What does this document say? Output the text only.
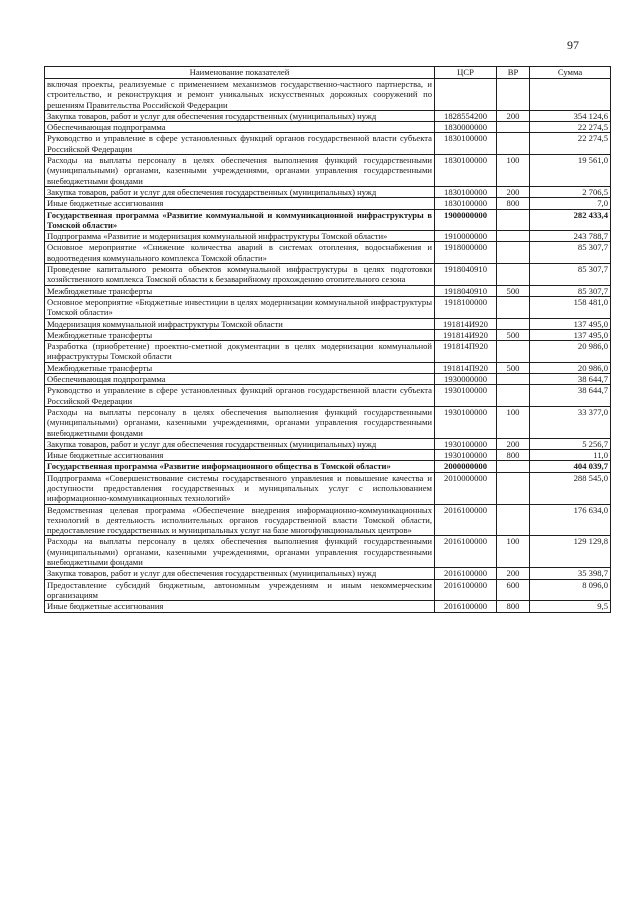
97
Наименование показателей	ЦСР	ВР	Сумма
включая проекты, реализуемые с применением механизмов государственно-частного партнерства, и строительство, и реконструкция и ремонт уникальных искусственных дорожных сооружений по решениям Правительства Российской Федерации			
Закупка товаров, работ и услуг для обеспечения государственных (муниципальных) нужд	1828554200	200	354 124,6
Обеспечивающая подпрограмма	1830000000		22 274,5
Руководство и управление в сфере установленных функций органов государственной власти субъекта Российской Федерации	1830100000		22 274,5
Расходы на выплаты персоналу в целях обеспечения выполнения функций государственными (муниципальными) органами, казенными учреждениями, органами управления государственными внебюджетными фондами	1830100000	100	19 561,0
Закупка товаров, работ и услуг для обеспечения государственных (муниципальных) нужд	1830100000	200	2 706,5
Иные бюджетные ассигнования	1830100000	800	7,0
Государственная программа «Развитие коммунальной и коммуникационной инфраструктуры в Томской области»	1900000000		282 433,4
Подпрограмма «Развитие и модернизация коммунальной инфраструктуры Томской области»	1910000000		243 788,7
Основное мероприятие «Снижение количества аварий в системах отопления, водоснабжения и водоотведения коммунального комплекса Томской области»	1918000000		85 307,7
Проведение капитального ремонта объектов коммунальной инфраструктуры в целях подготовки хозяйственного комплекса Томской области к безаварийному прохождению отопительного сезона	1918040910		85 307,7
Межбюджетные трансферты	1918040910	500	85 307,7
Основное мероприятие «Бюджетные инвестиции в целях модернизации коммунальной инфраструктуры Томской области»	1918100000		158 481,0
Модернизация коммунальной инфраструктуры Томской области	191814И920		137 495,0
Межбюджетные трансферты	191814И920	500	137 495,0
Разработка (приобретение) проектно-сметной документации в целях модернизации коммунальной инфраструктуры Томской области	191814П920		20 986,0
Межбюджетные трансферты	191814П920	500	20 986,0
Обеспечивающая подпрограмма	1930000000		38 644,7
Руководство и управление в сфере установленных функций органов государственной власти субъекта Российской Федерации	1930100000		38 644,7
Расходы на выплаты персоналу в целях обеспечения выполнения функций государственными (муниципальными) органами, казенными учреждениями, органами управления государственными внебюджетными фондами	1930100000	100	33 377,0
Закупка товаров, работ и услуг для обеспечения государственных (муниципальных) нужд	1930100000	200	5 256,7
Иные бюджетные ассигнования	1930100000	800	11,0
Государственная программа «Развитие информационного общества в Томской области»	2000000000		404 039,7
Подпрограмма «Совершенствование системы государственного управления и повышение качества и доступности предоставления государственных и муниципальных услуг с использованием информационно-коммуникационных технологий»	2010000000		288 545,0
Ведомственная целевая программа «Обеспечение внедрения информационно-коммуникационных технологий в деятельность исполнительных органов государственной власти Томской области, предоставление государственных и муниципальных услуг на базе многофункциональных центров»	2016100000		176 634,0
Расходы на выплаты персоналу в целях обеспечения выполнения функций государственными (муниципальными) органами, казенными учреждениями, органами управления государственными внебюджетными фондами	2016100000	100	129 129,8
Закупка товаров, работ и услуг для обеспечения государственных (муниципальных) нужд	2016100000	200	35 398,7
Предоставление субсидий бюджетным, автономным учреждениям и иным некоммерческим организациям	2016100000	600	8 096,0
Иные бюджетные ассигнования	2016100000	800	9,5
